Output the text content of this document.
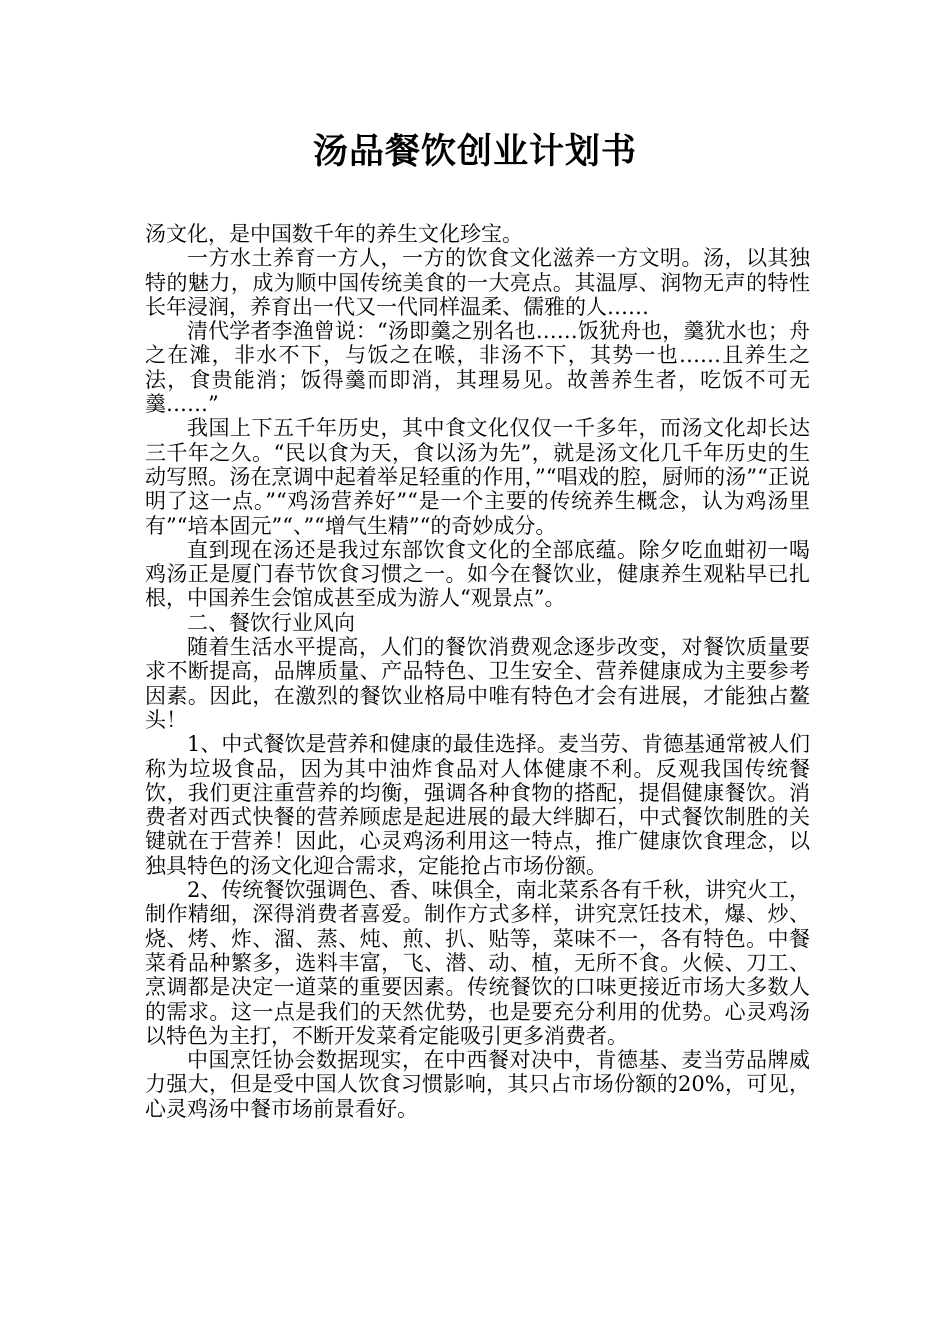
汤品餐饮创业计划书

汤文化，是中国数千年的养生文化珍宝。

一方水土养育一方人，一方的饮食文化滋养一方文明。汤，以其独特的魅力，成为顺中国传统美食的一大亮点。其温厚、润物无声的特性长年浸润，养育出一代又一代同样温柔、儒雅的人……

清代学者李渔曾说：“汤即羹之别名也……饭犹舟也，羹犹水也；舟之在滩，非水不下，与饭之在喉，非汤不下，其势一也……且养生之法，食贵能消；饭得羹而即消，其理易见。故善养生者，吃饭不可无羹……”

我国上下五千年历史，其中食文化仅仅一千多年，而汤文化却长达三千年之久。“民以食为天，食以汤为先”，就是汤文化几千年历史的生动写照。汤在烹调中起着举足轻重的作用，”“唱戏的腔，厨师的汤”“正说明了这一点。”“鸡汤营养好”“是一个主要的传统养生概念，认为鸡汤里有”“培本固元”“、”“增气生精”“的奇妙成分。

直到现在汤还是我过东部饮食文化的全部底蕴。除夕吃血蚶初一喝鸡汤正是厦门春节饮食习惯之一。如今在餐饮业，健康养生观粘早已扎根，中国养生会馆成甚至成为游人“观景点”。

二、餐饮行业风向

随着生活水平提高，人们的餐饮消费观念逐步改变，对餐饮质量要求不断提高，品牌质量、产品特色、卫生安全、营养健康成为主要参考因素。因此，在激烈的餐饮业格局中唯有特色才会有进展，才能独占鳌头！

1、中式餐饮是营养和健康的最佳选择。麦当劳、肯德基通常被人们称为垃圾食品，因为其中油炸食品对人体健康不利。反观我国传统餐饮，我们更注重营养的均衡，强调各种食物的搭配，提倡健康餐饮。消费者对西式快餐的营养顾虑是起进展的最大绊脚石，中式餐饮制胜的关键就在于营养！因此，心灵鸡汤利用这一特点，推广健康饮食理念，以独具特色的汤文化迎合需求，定能抢占市场份额。

2、传统餐饮强调色、香、味俱全，南北菜系各有千秋，讲究火工，制作精细，深得消费者喜爱。制作方式多样，讲究烹饪技术，爆、炒、烧、烤、炸、溜、蒸、炖、煎、扒、贴等，菜味不一，各有特色。中餐菜肴品种繁多，选料丰富，飞、潜、动、植，无所不食。火候、刀工、烹调都是决定一道菜的重要因素。传统餐饮的口味更接近市场大多数人的需求。这一点是我们的天然优势，也是要充分利用的优势。心灵鸡汤以特色为主打，不断开发菜肴定能吸引更多消费者。

中国烹饪协会数据现实，在中西餐对决中，肯德基、麦当劳品牌威力强大，但是受中国人饮食习惯影响，其只占市场份额的20%，可见，心灵鸡汤中餐市场前景看好。
